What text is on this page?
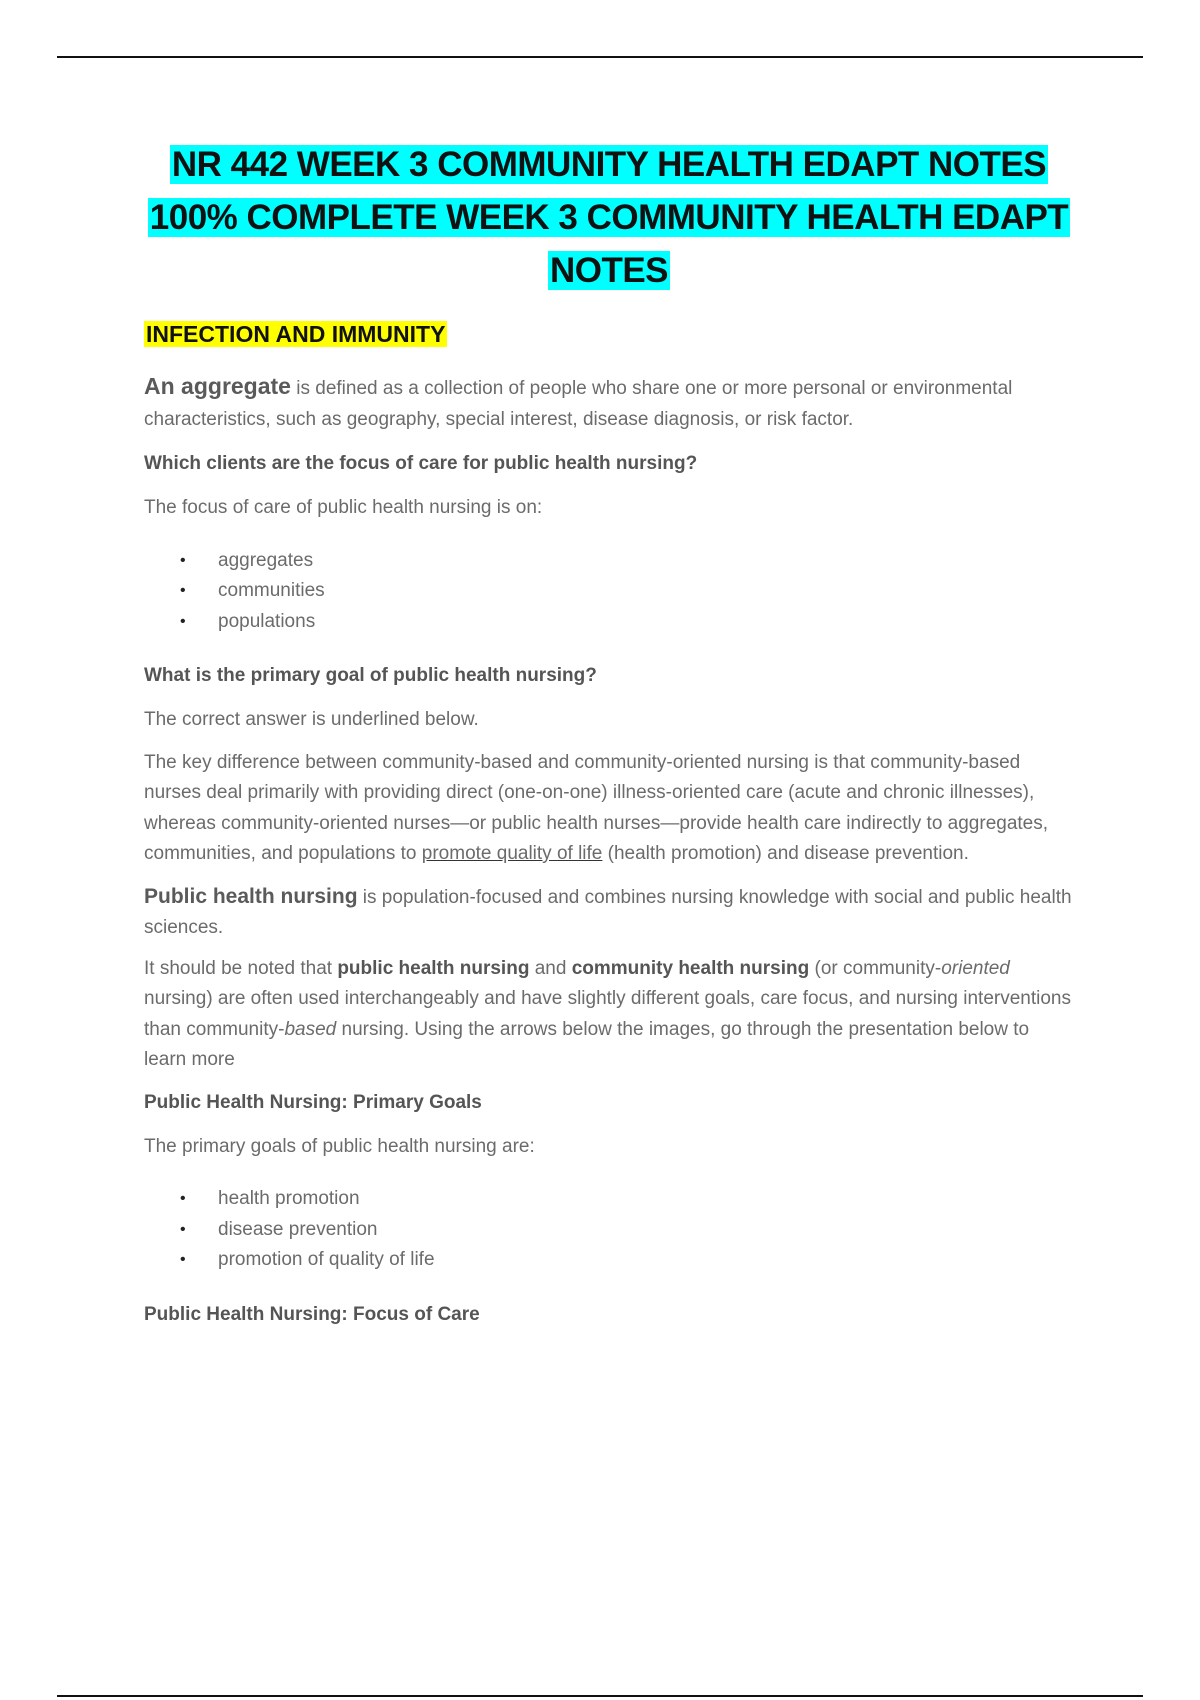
NR 442 WEEK 3 COMMUNITY HEALTH EDAPT NOTES
100% COMPLETE WEEK 3 COMMUNITY HEALTH EDAPT
NOTES
INFECTION AND IMMUNITY

An aggregate is defined as a collection of people who share one or more personal or environmental characteristics, such as geography, special interest, disease diagnosis, or risk factor.

Which clients are the focus of care for public health nursing?

The focus of care of public health nursing is on:

• aggregates
• communities
• populations
What is the primary goal of public health nursing?

The correct answer is underlined below.

The key difference between community-based and community-oriented nursing is that community-based nurses deal primarily with providing direct (one-on-one) illness-oriented care (acute and chronic illnesses), whereas community-oriented nurses—or public health nurses—provide health care indirectly to aggregates, communities, and populations to promote quality of life (health promotion) and disease prevention.

Public health nursing is population-focused and combines nursing knowledge with social and public health sciences.

It should be noted that public health nursing and community health nursing (or community-oriented nursing) are often used interchangeably and have slightly different goals, care focus, and nursing interventions than community-based nursing. Using the arrows below the images, go through the presentation below to learn more

Public Health Nursing: Primary Goals

The primary goals of public health nursing are:

• health promotion
• disease prevention
• promotion of quality of life
Public Health Nursing: Focus of Care
